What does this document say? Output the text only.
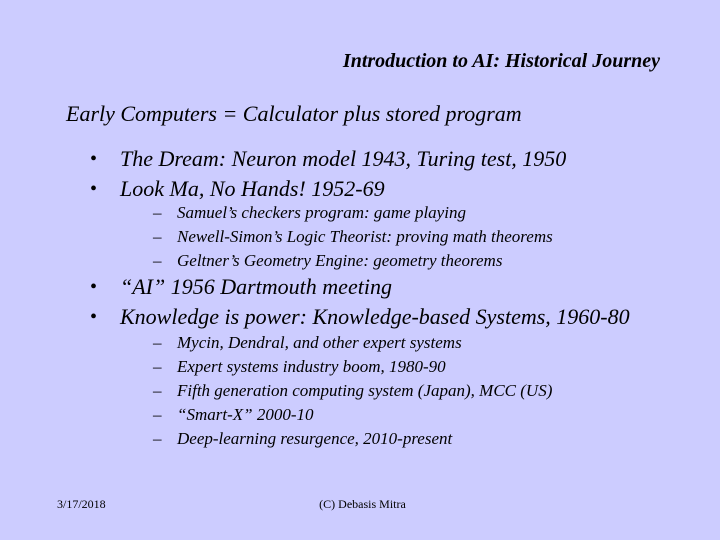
Introduction to AI: Historical Journey
Early Computers = Calculator plus stored program
• The Dream: Neuron model 1943, Turing test, 1950
• Look Ma, No Hands! 1952-69
– Samuel’s checkers program: game playing
– Newell-Simon’s Logic Theorist: proving math theorems
– Geltner’s Geometry Engine: geometry theorems
• “AI” 1956 Dartmouth meeting
• Knowledge is power: Knowledge-based Systems, 1960-80
– Mycin, Dendral, and other expert systems
– Expert systems industry boom, 1980-90
– Fifth generation computing system (Japan), MCC (US)
– “Smart-X” 2000-10
– Deep-learning resurgence, 2010-present
3/17/2018	(C) Debasis Mitra
